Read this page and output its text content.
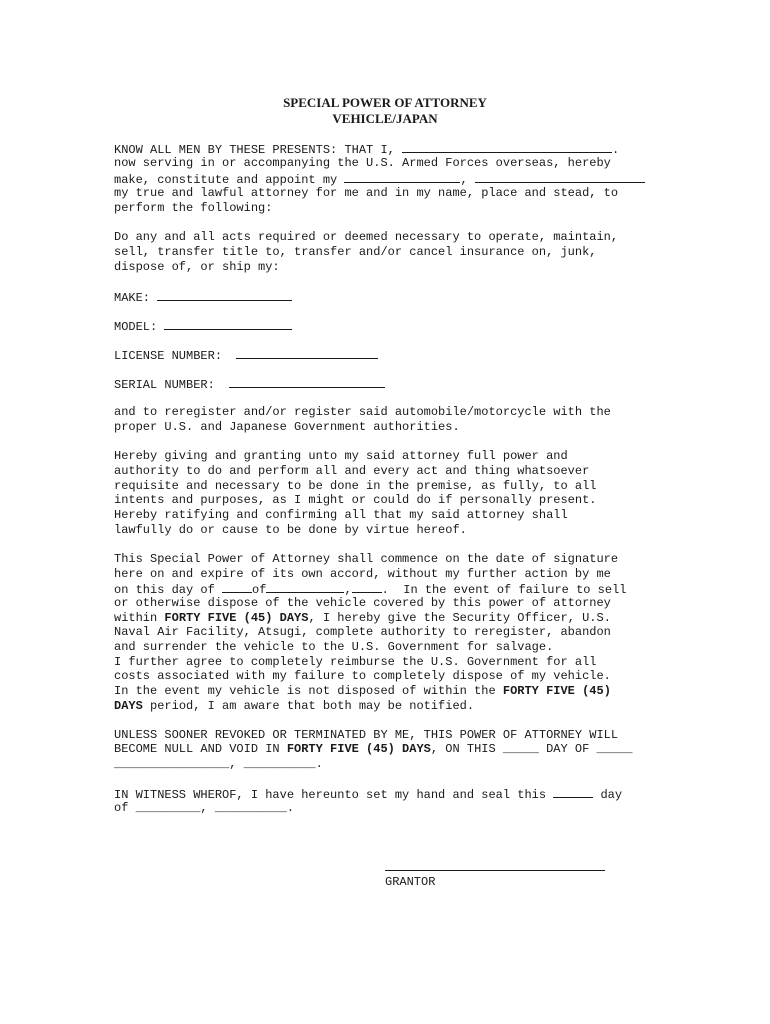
SPECIAL POWER OF ATTORNEY
VEHICLE/JAPAN
KNOW ALL MEN BY THESE PRESENTS: THAT I,	.
now serving in or accompanying the U.S. Armed Forces overseas, hereby
make, constitute and appoint my	,
my true and lawful attorney for me and in my name, place and stead, to
perform the following:
Do any and all acts required or deemed necessary to operate, maintain,
sell, transfer title to, transfer and/or cancel insurance on, junk,
dispose of, or ship my:
MAKE:
MODEL:
LICENSE NUMBER:
SERIAL NUMBER:
and to reregister and/or register said automobile/motorcycle with the
proper U.S. and Japanese Government authorities.
Hereby giving and granting unto my said attorney full power and
authority to do and perform all and every act and thing whatsoever
requisite and necessary to be done in the premise, as fully, to all
intents and purposes, as I might or could do if personally present.
Hereby ratifying and confirming all that my said attorney shall
lawfully do or cause to be done by virtue hereof.
This Special Power of Attorney shall commence on the date of signature
here on and expire of its own accord, without my further action by me
on this day of	of	,	.  In the event of failure to sell
or otherwise dispose of the vehicle covered by this power of attorney
within FORTY FIVE (45) DAYS, I hereby give the Security Officer, U.S.
Naval Air Facility, Atsugi, complete authority to reregister, abandon
and surrender the vehicle to the U.S. Government for salvage.
I further agree to completely reimburse the U.S. Government for all
costs associated with my failure to completely dispose of my vehicle.
In the event my vehicle is not disposed of within the FORTY FIVE (45)
DAYS period, I am aware that both may be notified.
UNLESS SOONER REVOKED OR TERMINATED BY ME, THIS POWER OF ATTORNEY WILL
BECOME NULL AND VOID IN FORTY FIVE (45) DAYS, ON THIS _____ DAY OF _____
________________, __________.
IN WITNESS WHEROF, I have hereunto set my hand and seal this	day
of _________, __________.
GRANTOR
